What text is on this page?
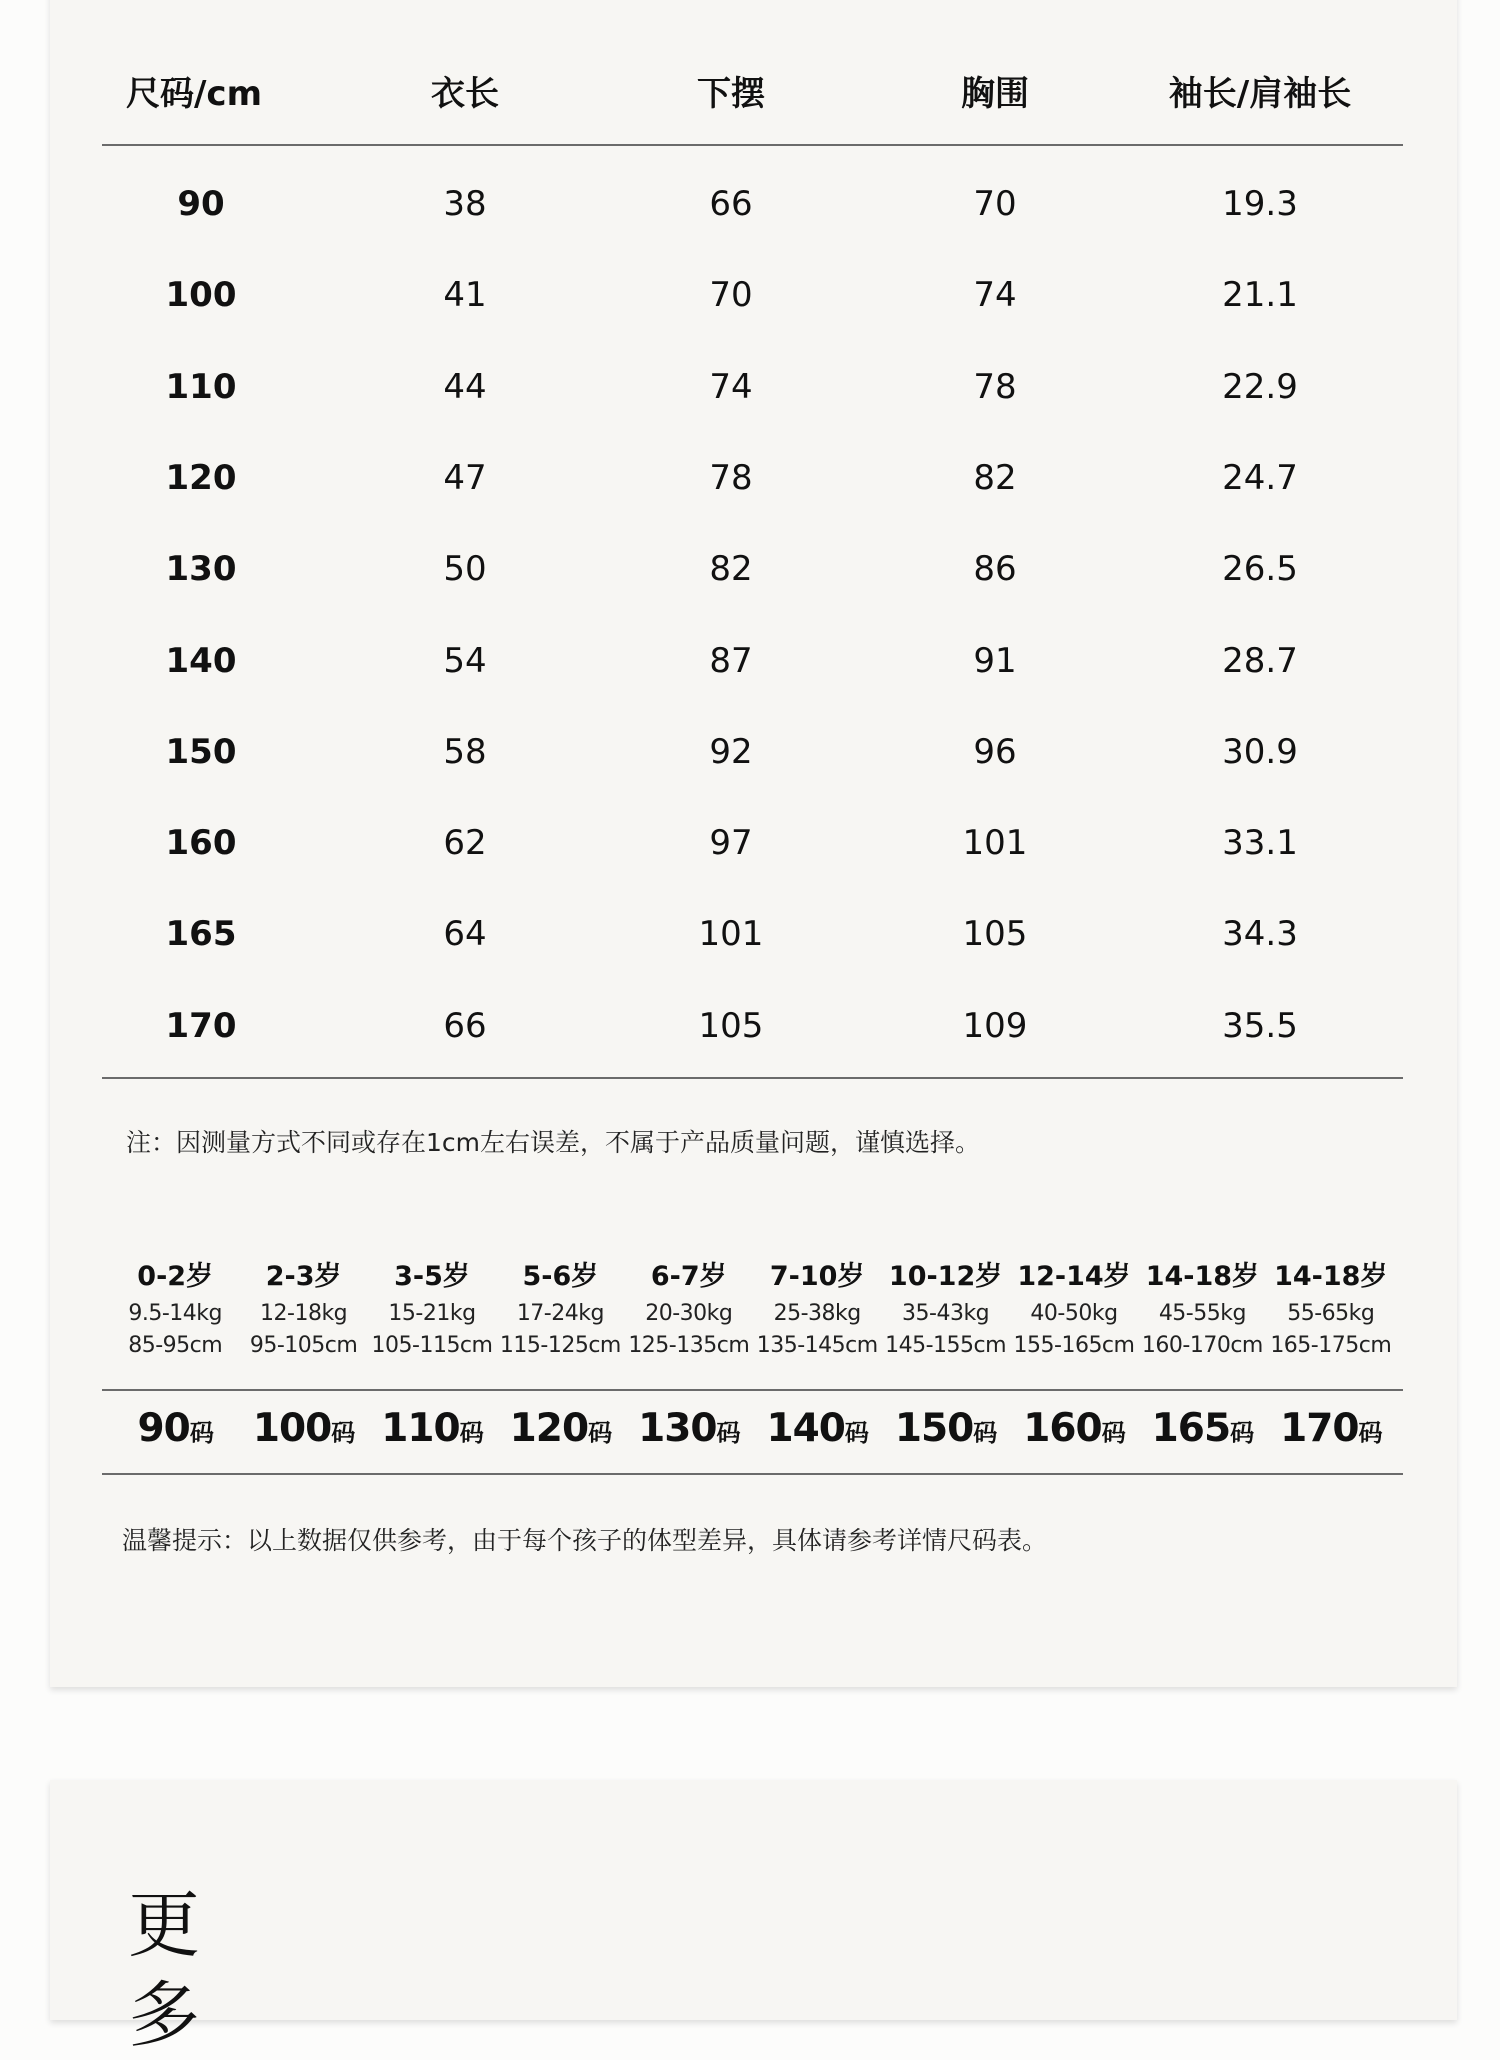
更
多
尺码/cm	衣长	下摆	胸围	袖长/肩袖长
90	38	66	70	19.3
100	41	70	74	21.1
110	44	74	78	22.9
120	47	78	82	24.7
130	50	82	86	26.5
140	54	87	91	28.7
150	58	92	96	30.9
160	62	97	101	33.1
165	64	101	105	34.3
170	66	105	109	35.5
注：因测量方式不同或存在1cm左右误差，不属于产品质量问题，谨慎选择。
0-2岁	2-3岁	3-5岁	5-6岁	6-7岁	7-10岁 10-12岁 12-14岁 14-18岁 14-18岁
9.5-14kg	12-18kg	15-21kg	17-24kg	20-30kg	25-38kg	35-43kg	40-50kg	45-55kg	55-65kg
85-95cm	95-105cm 105-115cm 115-125cm 125-135cm 135-145cm 145-155cm 155-165cm 160-170cm 165-175cm
90码	100码 110码 120码 130码 140码 150码 160码 165码 170码
温馨提示：以上数据仅供参考，由于每个孩子的体型差异，具体请参考详情尺码表。
